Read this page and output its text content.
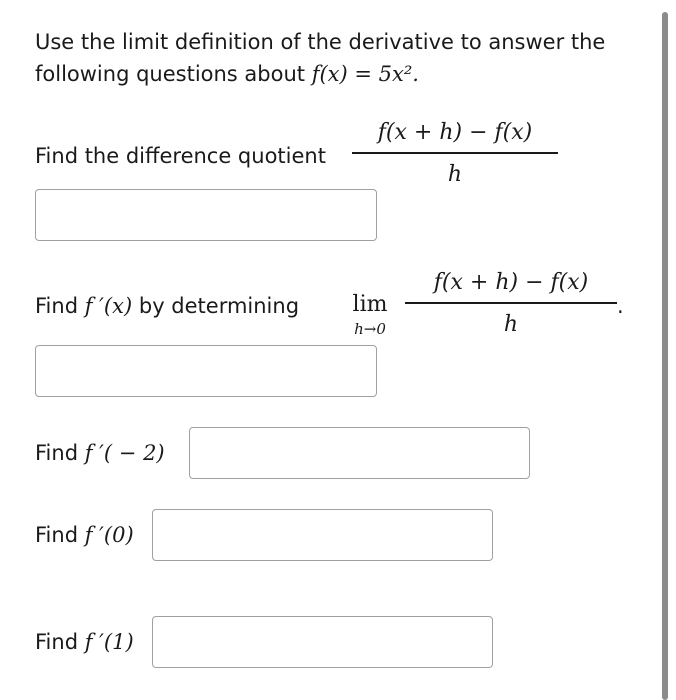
Use the limit definition of the derivative to answer the
following questions about f(x) = 5x².
Find the difference quotient
f(x + h) − f(x)
h
Find f ′(x) by determining	lim
h→0
f(x + h) − f(x)
h
.
Find f ′( − 2)
Find f ′(0)
Find f ′(1)
